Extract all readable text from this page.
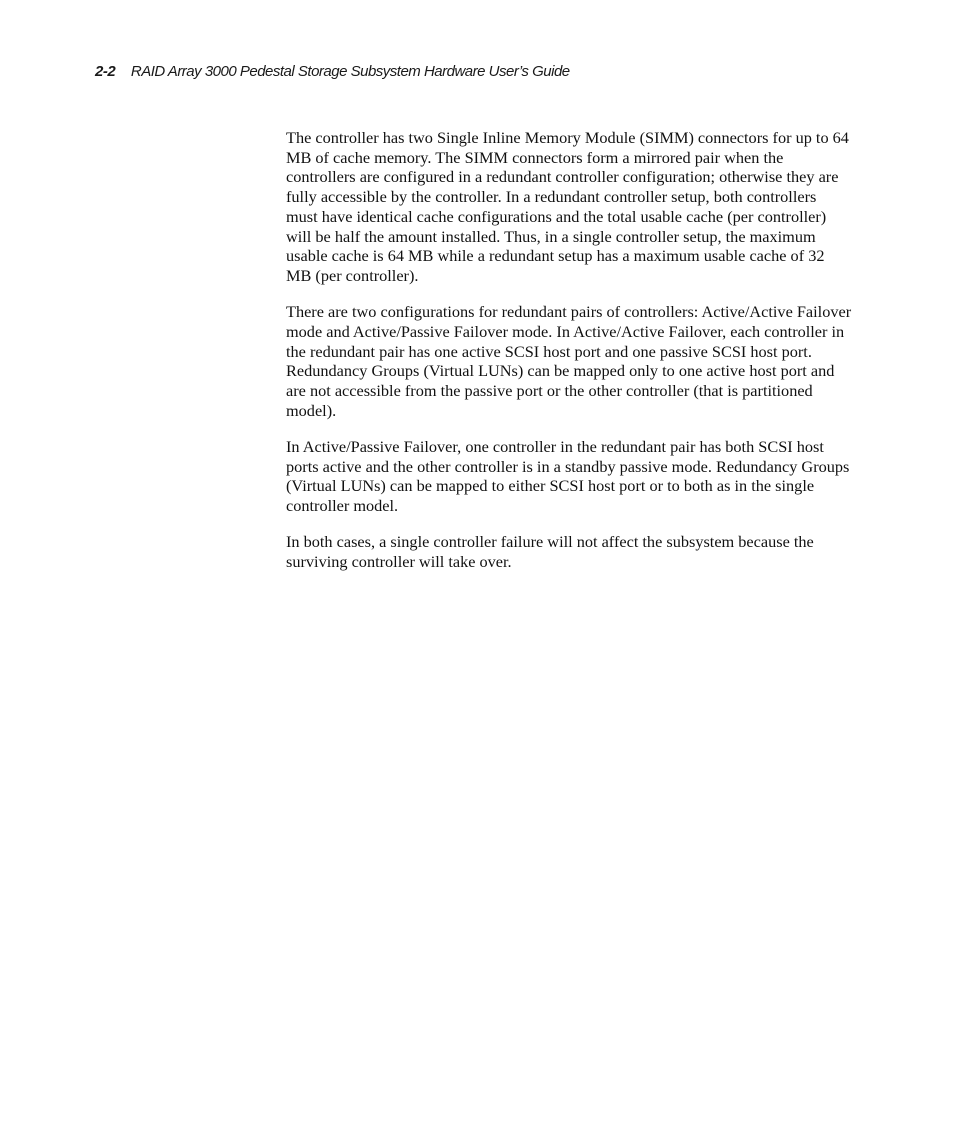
2-2 RAID Array 3000 Pedestal Storage Subsystem Hardware User’s Guide

The controller has two Single Inline Memory Module (SIMM) connectors for up to 64 MB of cache memory. The SIMM connectors form a mirrored pair when the controllers are configured in a redundant controller configuration; otherwise they are fully accessible by the controller. In a redundant controller setup, both controllers must have identical cache configurations and the total usable cache (per controller) will be half the amount installed. Thus, in a single controller setup, the maximum usable cache is 64 MB while a redundant setup has a maximum usable cache of 32 MB (per controller).

There are two configurations for redundant pairs of controllers: Active/Active Failover mode and Active/Passive Failover mode. In Active/Active Failover, each controller in the redundant pair has one active SCSI host port and one passive SCSI host port. Redundancy Groups (Virtual LUNs) can be mapped only to one active host port and are not accessible from the passive port or the other controller (that is partitioned model).

In Active/Passive Failover, one controller in the redundant pair has both SCSI host ports active and the other controller is in a standby passive mode. Redundancy Groups (Virtual LUNs) can be mapped to either SCSI host port or to both as in the single controller model.

In both cases, a single controller failure will not affect the subsystem because the surviving controller will take over.
